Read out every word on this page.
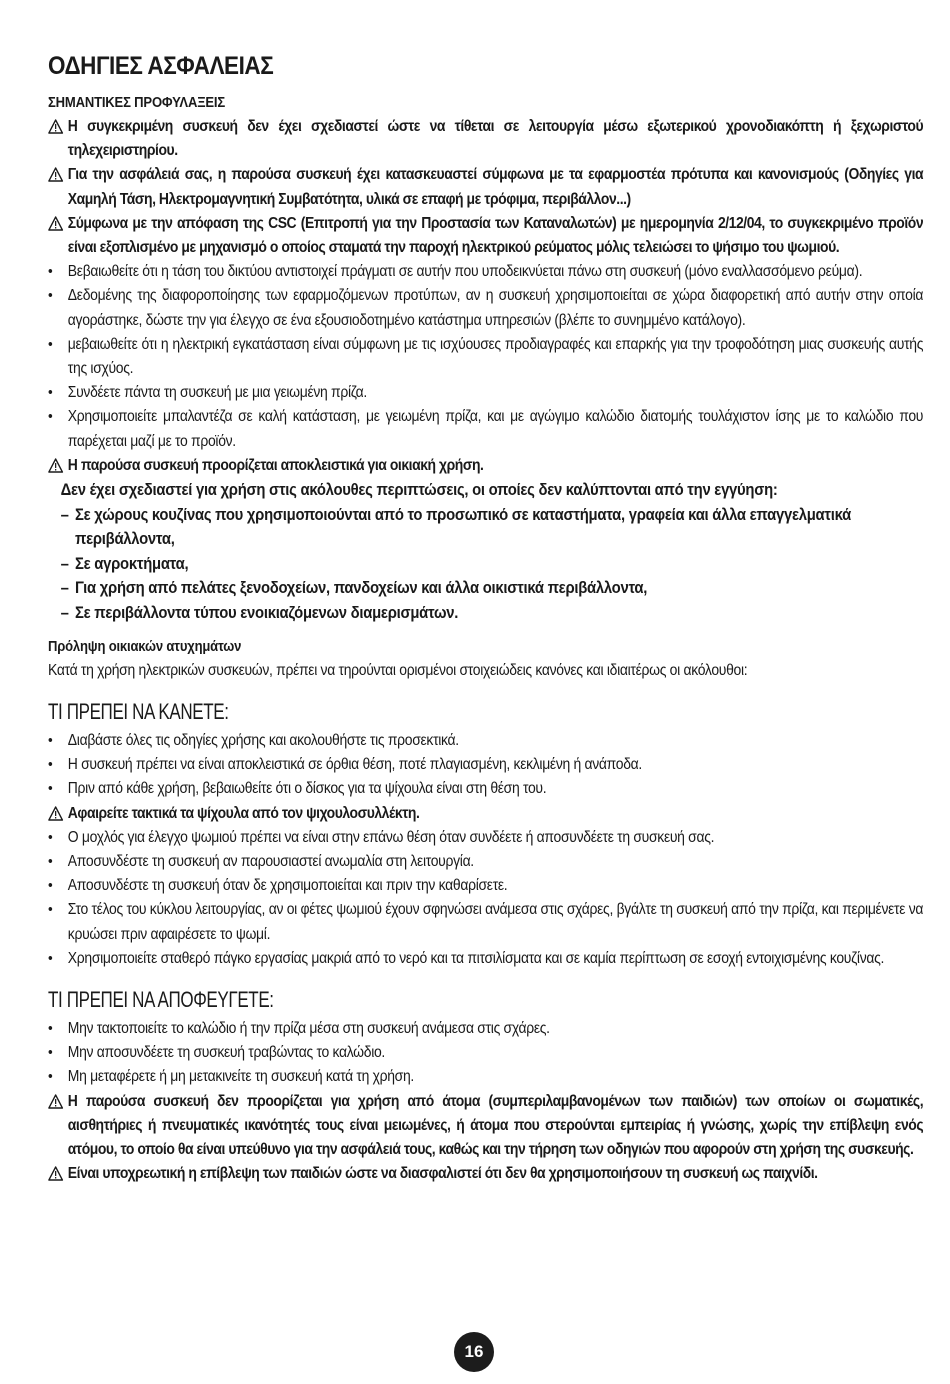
ΟΔΗΓΙΕΣ ΑΣΦΑΛΕΙΑΣ
ΣΗΜΑΝΤΙΚΕΣ ΠΡΟΦΥΛΑΞΕΙΣ
Η συγκεκριμένη συσκευή δεν έχει σχεδιαστεί ώστε να τίθεται σε λειτουργία μέσω εξωτερικού χρονοδιακόπτη ή ξεχωριστού τηλεχειριστηρίου.
Για την ασφάλειά σας, η παρούσα συσκευή έχει κατασκευαστεί σύμφωνα με τα εφαρμοστέα πρότυπα και κανονισμούς (Οδηγίες για Χαμηλή Τάση, Ηλεκτρομαγνητική Συμβατότητα, υλικά σε επαφή με τρόφιμα, περιβάλλον...)
Σύμφωνα με την απόφαση της CSC (Επιτροπή για την Προστασία των Καταναλωτών) με ημερομηνία 2/12/04, το συγκεκριμένο προϊόν είναι εξοπλισμένο με μηχανισμό ο οποίος σταματά την παροχή ηλεκτρικού ρεύματος μόλις τελειώσει το ψήσιμο του ψωμιού.
• Βεβαιωθείτε ότι η τάση του δικτύου αντιστοιχεί πράγματι σε αυτήν που υποδεικνύεται πάνω στη συσκευή (μόνο εναλλασσόμενο ρεύμα).
• Δεδομένης της διαφοροποίησης των εφαρμοζόμενων προτύπων, αν η συσκευή χρησιμοποιείται σε χώρα διαφορετική από αυτήν στην οποία αγοράστηκε, δώστε την για έλεγχο σε ένα εξουσιοδοτημένο κατάστημα υπηρεσιών (βλέπε το συνημμένο κατάλογο).
• μεβαιωθείτε ότι η ηλεκτρική εγκατάσταση είναι σύμφωνη με τις ισχύουσες προδιαγραφές και επαρκής για την τροφοδότηση μιας συσκευής αυτής της ισχύος.
• Συνδέετε πάντα τη συσκευή με μια γειωμένη πρίζα.
• Χρησιμοποιείτε μπαλαντέζα σε καλή κατάσταση, με γειωμένη πρίζα, και με αγώγιμο καλώδιο διατομής τουλάχιστον ίσης με το καλώδιο που παρέχεται μαζί με το προϊόν.
Η παρούσα συσκευή προορίζεται αποκλειστικά για οικιακή χρήση.
Δεν έχει σχεδιαστεί για χρήση στις ακόλουθες περιπτώσεις, οι οποίες δεν καλύπτονται από την εγγύηση:
– Σε χώρους κουζίνας που χρησιμοποιούνται από το προσωπικό σε καταστήματα, γραφεία και άλλα επαγγελματικά περιβάλλοντα,
– Σε αγροκτήματα,
– Για χρήση από πελάτες ξενοδοχείων, πανδοχείων και άλλα οικιστικά περιβάλλοντα,
– Σε περιβάλλοντα τύπου ενοικιαζόμενων διαμερισμάτων.
Πρόληψη οικιακών ατυχημάτων
Κατά τη χρήση ηλεκτρικών συσκευών, πρέπει να τηρούνται ορισμένοι στοιχειώδεις κανόνες και ιδιαιτέρως οι ακόλουθοι:
ΤΙ ΠΡΕΠΕΙ ΝΑ ΚΑΝΕΤΕ:
• Διαβάστε όλες τις οδηγίες χρήσης και ακολουθήστε τις προσεκτικά.
• Η συσκευή πρέπει να είναι αποκλειστικά σε όρθια θέση, ποτέ πλαγιασμένη, κεκλιμένη ή ανάποδα.
• Πριν από κάθε χρήση, βεβαιωθείτε ότι ο δίσκος για τα ψίχουλα είναι στη θέση του.
Αφαιρείτε τακτικά τα ψίχουλα από τον ψιχουλοσυλλέκτη.
• Ο μοχλός για έλεγχο ψωμιού πρέπει να είναι στην επάνω θέση όταν συνδέετε ή αποσυνδέετε τη συσκευή σας.
• Αποσυνδέστε τη συσκευή αν παρουσιαστεί ανωμαλία στη λειτουργία.
• Αποσυνδέστε τη συσκευή όταν δε χρησιμοποιείται και πριν την καθαρίσετε.
• Στο τέλος του κύκλου λειτουργίας, αν οι φέτες ψωμιού έχουν σφηνώσει ανάμεσα στις σχάρες, βγάλτε τη συσκευή από την πρίζα, και περιμένετε να κρυώσει πριν αφαιρέσετε το ψωμί.
• Χρησιμοποιείτε σταθερό πάγκο εργασίας μακριά από το νερό και τα πιτσιλίσματα και σε καμία περίπτωση σε εσοχή εντοιχισμένης κουζίνας.
ΤΙ ΠΡΕΠΕΙ ΝΑ ΑΠΟΦΕΥΓΕΤΕ:
• Μην τακτοποιείτε το καλώδιο ή την πρίζα μέσα στη συσκευή ανάμεσα στις σχάρες.
• Μην αποσυνδέετε τη συσκευή τραβώντας το καλώδιο.
• Μη μεταφέρετε ή μη μετακινείτε τη συσκευή κατά τη χρήση.
Η παρούσα συσκευή δεν προορίζεται για χρήση από άτομα (συμπεριλαμβανομένων των παιδιών) των οποίων οι σωματικές, αισθητήριες ή πνευματικές ικανότητές τους είναι μειωμένες, ή άτομα που στερούνται εμπειρίας ή γνώσης, χωρίς την επίβλεψη ενός ατόμου, το οποίο θα είναι υπεύθυνο για την ασφάλειά τους, καθώς και την τήρηση των οδηγιών που αφορούν στη χρήση της συσκευής.
Είναι υποχρεωτική η επίβλεψη των παιδιών ώστε να διασφαλιστεί ότι δεν θα χρησιμοποιήσουν τη συσκευή ως παιχνίδι.
16
